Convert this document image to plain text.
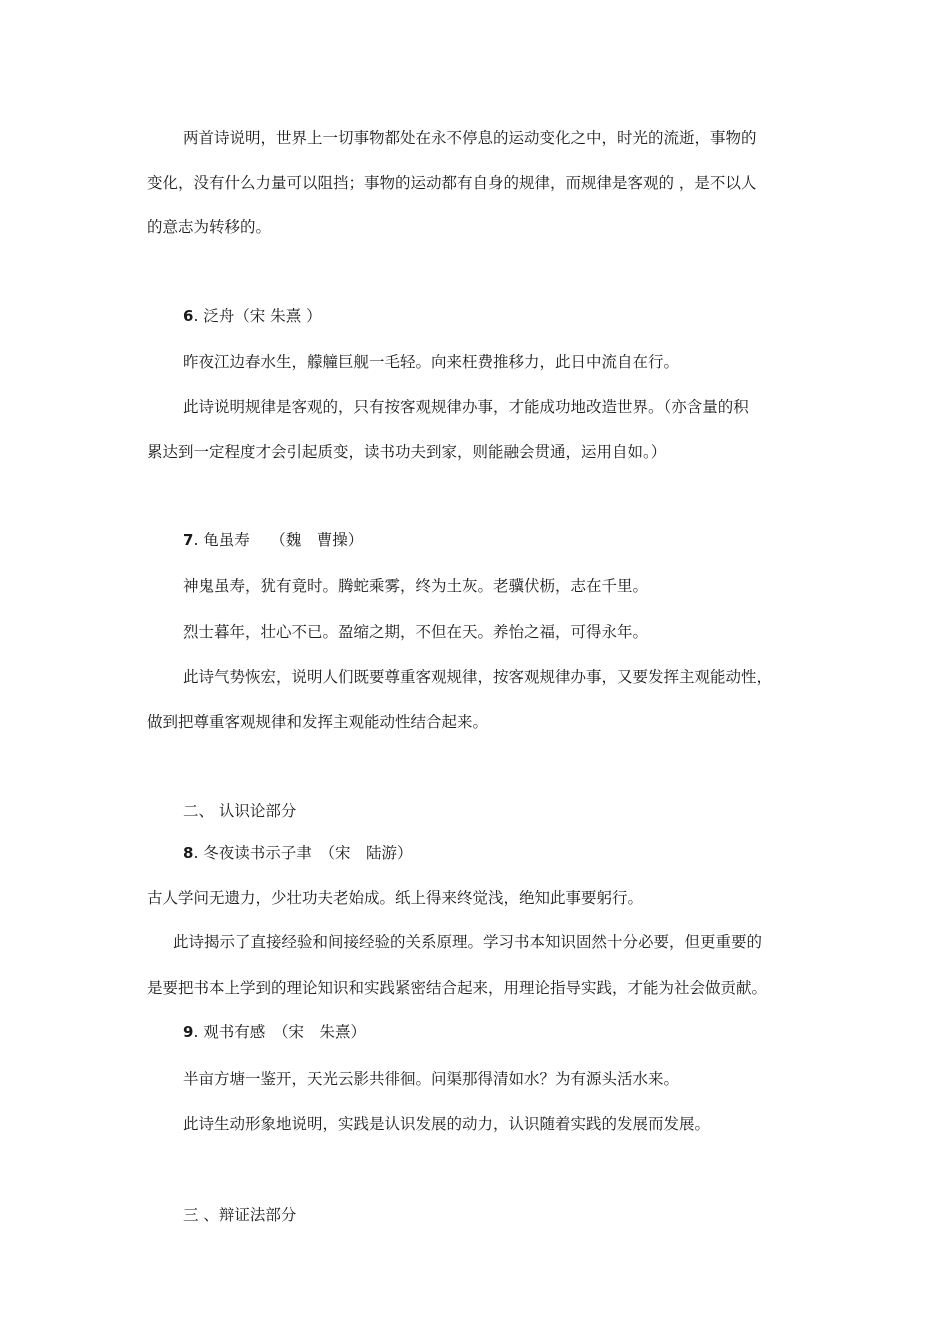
两首诗说明，世界上一切事物都处在永不停息的运动变化之中，时光的流逝，事物的
变化，没有什么力量可以阻挡；事物的运动都有自身的规律，而规律是客观的 ，是不以人
的意志为转移的。
6. 泛舟（宋 朱熹 ）
昨夜江边春水生，艨艟巨舰一毛轻。向来枉费推移力，此日中流自在行。
此诗说明规律是客观的，只有按客观规律办事，才能成功地改造世界。（亦含量的积
累达到一定程度才会引起质变，读书功夫到家，则能融会贯通，运用自如。）
7. 龟虽寿　 （魏　曹操）
神鬼虽寿，犹有竟时。腾蛇乘雾，终为土灰。老骥伏枥，志在千里。
烈士暮年，壮心不已。盈缩之期，不但在天。养怡之福，可得永年。
此诗气势恢宏，说明人们既要尊重客观规律，按客观规律办事，又要发挥主观能动性，
做到把尊重客观规律和发挥主观能动性结合起来。
二、 认识论部分
8. 冬夜读书示子聿　（宋　陆游）
古人学问无遗力，少壮功夫老始成。纸上得来终觉浅，绝知此事要躬行。
此诗揭示了直接经验和间接经验的关系原理。学习书本知识固然十分必要，但更重要的
是要把书本上学到的理论知识和实践紧密结合起来，用理论指导实践，才能为社会做贡献。
9. 观书有感　（宋　朱熹）
半亩方塘一鉴开，天光云影共徘徊。问渠那得清如水？为有源头活水来。
此诗生动形象地说明，实践是认识发展的动力，认识随着实践的发展而发展。
三 、辩证法部分
